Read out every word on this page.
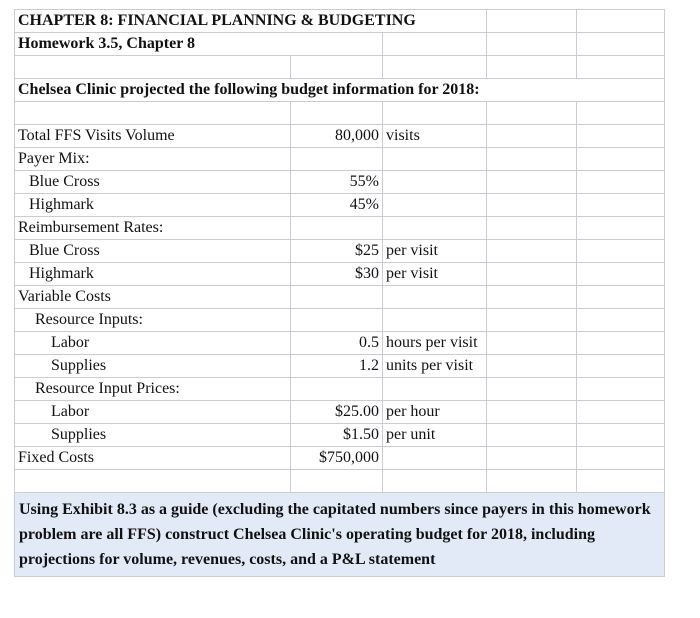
CHAPTER 8: FINANCIAL PLANNING & BUDGETING				
Homework 3.5, Chapter 8				

Chelsea Clinic projected the following budget information for 2018:				

Total FFS Visits Volume	80,000	visits		
Payer Mix:				
Blue Cross	55%			
Highmark	45%			
Reimbursement Rates:				
Blue Cross	$25	per visit		
Highmark	$30	per visit		
Variable Costs				
Resource Inputs:				
Labor	0.5	hours per visit		
Supplies	1.2	units per visit		
Resource Input Prices:				
Labor	$25.00	per hour		
Supplies	$1.50	per unit		
Fixed Costs	$750,000			

Using Exhibit 8.3 as a guide (excluding the capitated numbers since payers in this homework problem are all FFS) construct Chelsea Clinic's operating budget for 2018, including projections for volume, revenues, costs, and a P&L statement				
